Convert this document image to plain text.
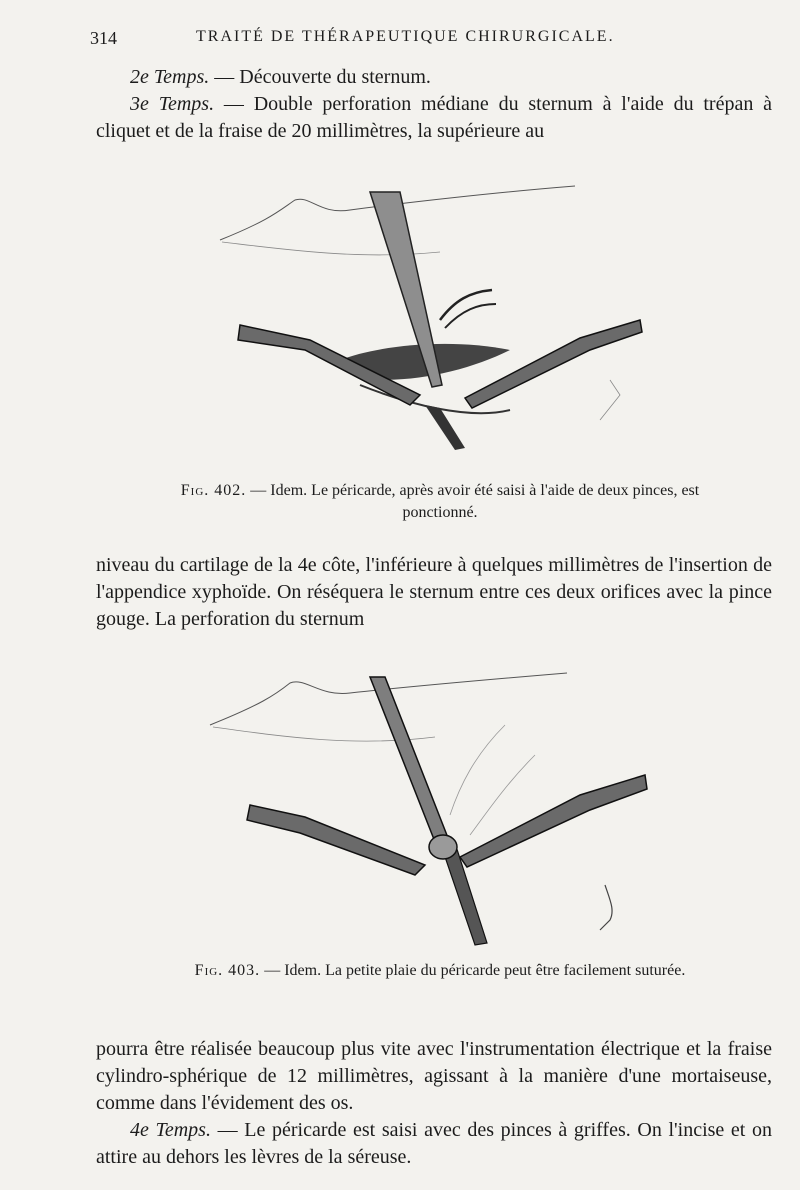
314	TRAITÉ DE THÉRAPEUTIQUE CHIRURGICALE.

2e Temps. — Découverte du sternum.

3e Temps. — Double perforation médiane du sternum à l'aide du trépan à cliquet et de la fraise de 20 millimètres, la supérieure au

Fig. 402. — Idem. Le péricarde, après avoir été saisi à l'aide de deux pinces, est ponctionné.

niveau du cartilage de la 4e côte, l'inférieure à quelques millimètres de l'insertion de l'appendice xyphoïde. On réséquera le sternum entre ces deux orifices avec la pince gouge. La perforation du sternum

Fig. 403. — Idem. La petite plaie du péricarde peut être facilement suturée.

pourra être réalisée beaucoup plus vite avec l'instrumentation électrique et la fraise cylindro-sphérique de 12 millimètres, agissant à la manière d'une mortaiseuse, comme dans l'évidement des os.

4e Temps. — Le péricarde est saisi avec des pinces à griffes. On l'incise et on attire au dehors les lèvres de la séreuse.
